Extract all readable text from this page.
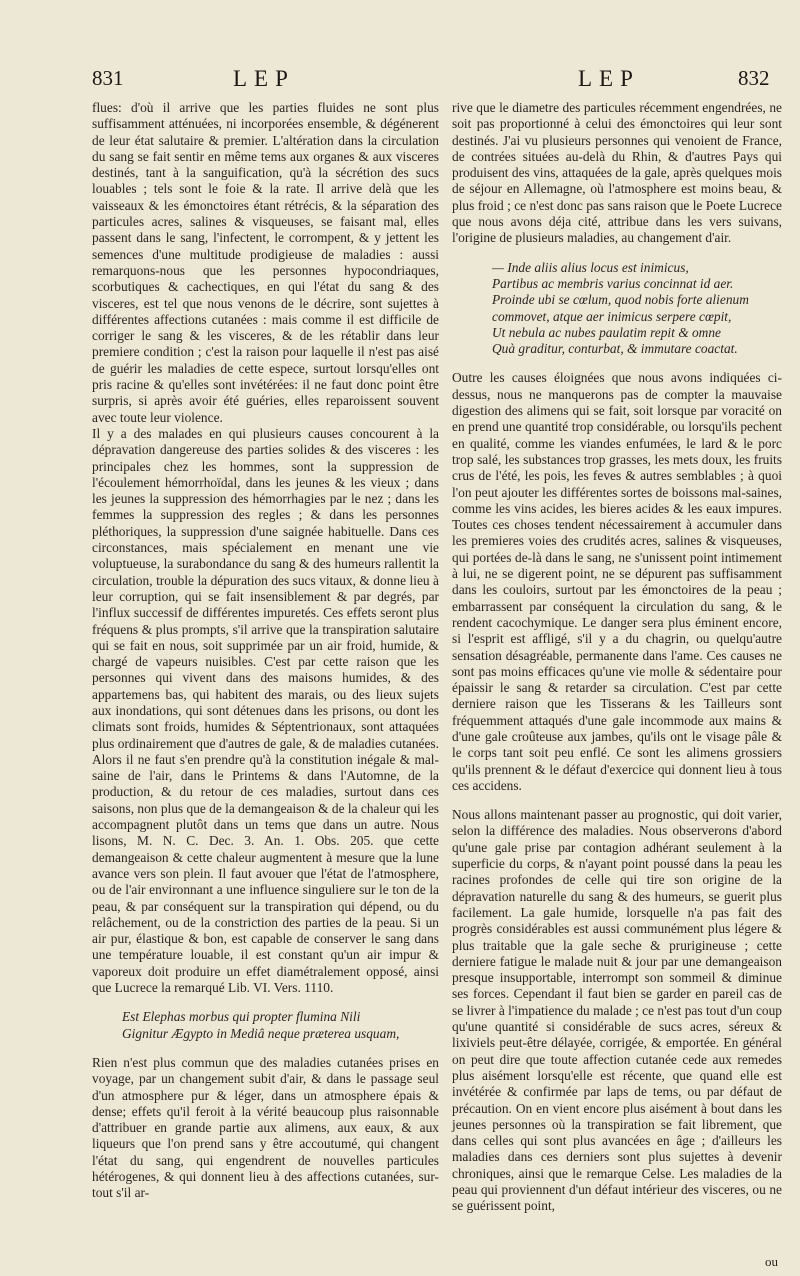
831	LEP	LEP	832

flues: d'où il arrive que les parties fluides ne sont plus suffisamment atténuées, ni incorporées ensemble, & dégénerent de leur état salutaire & premier. L'altération dans la circulation du sang se fait sentir en même tems aux organes & aux visceres destinés, tant à la sanguification, qu'à la sécrétion des sucs louables ; tels sont le foie & la rate. Il arrive delà que les vaisseaux & les émonctoires étant rétrécis, & la séparation des particules acres, salines & visqueuses, se faisant mal, elles passent dans le sang, l'infectent, le corrompent, & y jettent les semences d'une multitude prodigieuse de maladies : aussi remarquons-nous que les personnes hypocondriaques, scorbutiques & cachectiques, en qui l'état du sang & des visceres, est tel que nous venons de le décrire, sont sujettes à différentes affections cutanées : mais comme il est difficile de corriger le sang & les visceres, & de les rétablir dans leur premiere condition ; c'est la raison pour laquelle il n'est pas aisé de guérir les maladies de cette espece, surtout lorsqu'elles ont pris racine & qu'elles sont invétérées: il ne faut donc point être surpris, si après avoir été guéries, elles reparoissent souvent avec toute leur violence.

Il y a des malades en qui plusieurs causes concourent à la dépravation dangereuse des parties solides & des visceres : les principales chez les hommes, sont la suppression de l'écoulement hémorrhoïdal, dans les jeunes & les vieux ; dans les jeunes la suppression des hémorrhagies par le nez ; dans les femmes la suppression des regles ; & dans les personnes pléthoriques, la suppression d'une saignée habituelle. Dans ces circonstances, mais spécialement en menant une vie voluptueuse, la surabondance du sang & des humeurs rallentit la circulation, trouble la dépuration des sucs vitaux, & donne lieu à leur corruption, qui se fait insensiblement & par degrés, par l'influx successif de différentes impuretés. Ces effets seront plus fréquens & plus prompts, s'il arrive que la transpiration salutaire qui se fait en nous, soit supprimée par un air froid, humide, & chargé de vapeurs nuisibles. C'est par cette raison que les personnes qui vivent dans des maisons humides, & des appartemens bas, qui habitent des marais, ou des lieux sujets aux inondations, qui sont détenues dans les prisons, ou dont les climats sont froids, humides & Séptentrionaux, sont attaquées plus ordinairement que d'autres de gale, & de maladies cutanées. Alors il ne faut s'en prendre qu'à la constitution inégale & mal-saine de l'air, dans le Printems & dans l'Automne, de la production, & du retour de ces maladies, surtout dans ces saisons, non plus que de la demangeaison & de la chaleur qui les accompagnent plutôt dans un tems que dans un autre. Nous lisons, M. N. C. Dec. 3. An. 1. Obs. 205. que cette demangeaison & cette chaleur augmentent à mesure que la lune avance vers son plein. Il faut avouer que l'état de l'atmosphere, ou de l'air environnant a une influence singuliere sur le ton de la peau, & par conséquent sur la transpiration qui dépend, ou du relâchement, ou de la constriction des parties de la peau. Si un air pur, élastique & bon, est capable de conserver le sang dans une température louable, il est constant qu'un air impur & vaporeux doit produire un effet diamétralement opposé, ainsi que Lucrece la remarqué Lib. VI. Vers. 1110.

Est Elephas morbus qui propter flumina Nili
Gignitur Ægypto in Mediâ neque præterea usquam,

Rien n'est plus commun que des maladies cutanées prises en voyage, par un changement subit d'air, & dans le passage seul d'un atmosphere pur & léger, dans un atmosphere épais & dense; effets qu'il feroit à la vérité beaucoup plus raisonnable d'attribuer en grande partie aux alimens, aux eaux, & aux liqueurs que l'on prend sans y être accoutumé, qui changent l'état du sang, qui engendrent de nouvelles particules hétérogenes, & qui donnent lieu à des affections cutanées, sur-tout s'il ar-

rive que le diametre des particules récemment engendrées, ne soit pas proportionné à celui des émonctoires qui leur sont destinés. J'ai vu plusieurs personnes qui venoient de France, de contrées situées au-delà du Rhin, & d'autres Pays qui produisent des vins, attaquées de la gale, après quelques mois de séjour en Allemagne, où l'atmosphere est moins beau, & plus froid ; ce n'est donc pas sans raison que le Poete Lucrece que nous avons déja cité, attribue dans les vers suivans, l'origine de plusieurs maladies, au changement d'air.

— Inde aliis alius locus est inimicus,
Partibus ac membris varius concinnat id aer.
Proinde ubi se cœlum, quod nobis forte alienum
commovet, atque aer inimicus serpere cœpit,
Ut nebula ac nubes paulatim repit & omne
Quà graditur, conturbat, & immutare coactat.

Outre les causes éloignées que nous avons indiquées ci-dessus, nous ne manquerons pas de compter la mauvaise digestion des alimens qui se fait, soit lorsque par voracité on en prend une quantité trop considérable, ou lorsqu'ils pechent en qualité, comme les viandes enfumées, le lard & le porc trop salé, les substances trop grasses, les mets doux, les fruits crus de l'été, les pois, les feves & autres semblables ; à quoi l'on peut ajouter les différentes sortes de boissons mal-saines, comme les vins acides, les bieres acides & les eaux impures. Toutes ces choses tendent nécessairement à accumuler dans les premieres voies des crudités acres, salines & visqueuses, qui portées de-là dans le sang, ne s'unissent point intimement à lui, ne se digerent point, ne se dépurent pas suffisamment dans les couloirs, surtout par les émonctoires de la peau ; embarrassent par conséquent la circulation du sang, & le rendent cacochymique. Le danger sera plus éminent encore, si l'esprit est affligé, s'il y a du chagrin, ou quelqu'autre sensation désagréable, permanente dans l'ame. Ces causes ne sont pas moins efficaces qu'une vie molle & sédentaire pour épaissir le sang & retarder sa circulation. C'est par cette derniere raison que les Tisserans & les Tailleurs sont fréquemment attaqués d'une gale incommode aux mains & d'une gale croûteuse aux jambes, qu'ils ont le visage pâle & le corps tant soit peu enflé. Ce sont les alimens grossiers qu'ils prennent & le défaut d'exercice qui donnent lieu à tous ces accidens.

Nous allons maintenant passer au prognostic, qui doit varier, selon la différence des maladies. Nous observerons d'abord qu'une gale prise par contagion adhérant seulement à la superficie du corps, & n'ayant point poussé dans la peau les racines profondes de celle qui tire son origine de la dépravation naturelle du sang & des humeurs, se guerit plus facilement. La gale humide, lorsquelle n'a pas fait des progrès considérables est aussi communément plus légere & plus traitable que la gale seche & prurigineuse ; cette derniere fatigue le malade nuit & jour par une demangeaison presque insupportable, interrompt son sommeil & diminue ses forces. Cependant il faut bien se garder en pareil cas de se livrer à l'impatience du malade ; ce n'est pas tout d'un coup qu'une quantité si considérable de sucs acres, séreux & lixiviels peut-être délayée, corrigée, & emportée. En général on peut dire que toute affection cutanée cede aux remedes plus aisément lorsqu'elle est récente, que quand elle est invétérée & confirmée par laps de tems, ou par défaut de précaution. On en vient encore plus aisément à bout dans les jeunes personnes où la transpiration se fait librement, que dans celles qui sont plus avancées en âge ; d'ailleurs les maladies dans ces derniers sont plus sujettes à devenir chroniques, ainsi que le remarque Celse. Les maladies de la peau qui proviennent d'un défaut intérieur des visceres, ou ne se guérissent point,

ou
